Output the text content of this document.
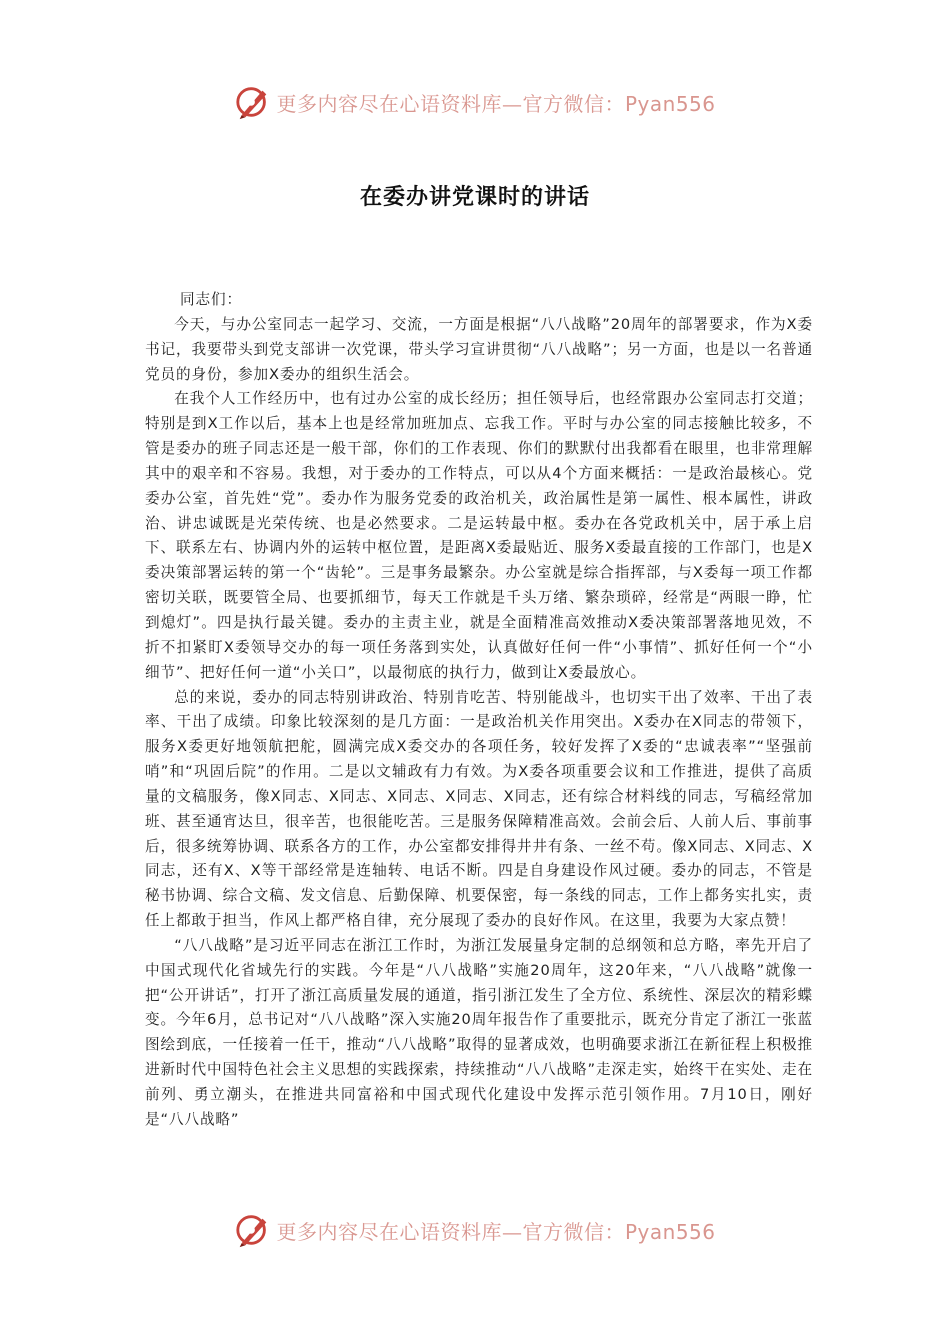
更多内容尽在心语资料库—官方微信：Pyan556
在委办讲党课时的讲话

同志们：

今天，与办公室同志一起学习、交流，一方面是根据“八八战略”20周年的部署要求，作为X委书记，我要带头到党支部讲一次党课，带头学习宣讲贯彻“八八战略”；另一方面，也是以一名普通党员的身份，参加X委办的组织生活会。

在我个人工作经历中，也有过办公室的成长经历；担任领导后，也经常跟办公室同志打交道；特别是到X工作以后，基本上也是经常加班加点、忘我工作。平时与办公室的同志接触比较多，不管是委办的班子同志还是一般干部，你们的工作表现、你们的默默付出我都看在眼里，也非常理解其中的艰辛和不容易。我想，对于委办的工作特点，可以从4个方面来概括：一是政治最核心。党委办公室，首先姓“党”。委办作为服务党委的政治机关，政治属性是第一属性、根本属性，讲政治、讲忠诚既是光荣传统、也是必然要求。二是运转最中枢。委办在各党政机关中，居于承上启下、联系左右、协调内外的运转中枢位置，是距离X委最贴近、服务X委最直接的工作部门，也是X委决策部署运转的第一个“齿轮”。三是事务最繁杂。办公室就是综合指挥部，与X委每一项工作都密切关联，既要管全局、也要抓细节，每天工作就是千头万绪、繁杂琐碎，经常是“两眼一睁，忙到熄灯”。四是执行最关键。委办的主责主业，就是全面精准高效推动X委决策部署落地见效，不折不扣紧盯X委领导交办的每一项任务落到实处，认真做好任何一件“小事情”、抓好任何一个“小细节”、把好任何一道“小关口”，以最彻底的执行力，做到让X委最放心。

总的来说，委办的同志特别讲政治、特别肯吃苦、特别能战斗，也切实干出了效率、干出了表率、干出了成绩。印象比较深刻的是几方面：一是政治机关作用突出。X委办在X同志的带领下，服务X委更好地领航把舵，圆满完成X委交办的各项任务，较好发挥了X委的“忠诚表率”“坚强前哨”和“巩固后院”的作用。二是以文辅政有力有效。为X委各项重要会议和工作推进，提供了高质量的文稿服务，像X同志、X同志、X同志、X同志、X同志，还有综合材料线的同志，写稿经常加班、甚至通宵达旦，很辛苦，也很能吃苦。三是服务保障精准高效。会前会后、人前人后、事前事后，很多统筹协调、联系各方的工作，办公室都安排得井井有条、一丝不苟。像X同志、X同志、X同志，还有X、X等干部经常是连轴转、电话不断。四是自身建设作风过硬。委办的同志，不管是秘书协调、综合文稿、发文信息、后勤保障、机要保密，每一条线的同志，工作上都务实扎实，责任上都敢于担当，作风上都严格自律，充分展现了委办的良好作风。在这里，我要为大家点赞！

“八八战略”是习近平同志在浙江工作时，为浙江发展量身定制的总纲领和总方略，率先开启了中国式现代化省域先行的实践。今年是“八八战略”实施20周年，这20年来，“八八战略”就像一把“公开讲话”，打开了浙江高质量发展的通道，指引浙江发生了全方位、系统性、深层次的精彩蝶变。今年6月，总书记对“八八战略”深入实施20周年报告作了重要批示，既充分肯定了浙江一张蓝图绘到底，一任接着一任干，推动“八八战略”取得的显著成效，也明确要求浙江在新征程上积极推进新时代中国特色社会主义思想的实践探索，持续推动“八八战略”走深走实，始终干在实处、走在前列、勇立潮头，在推进共同富裕和中国式现代化建设中发挥示范引领作用。7月10日，刚好是“八八战略”

更多内容尽在心语资料库—官方微信：Pyan556
